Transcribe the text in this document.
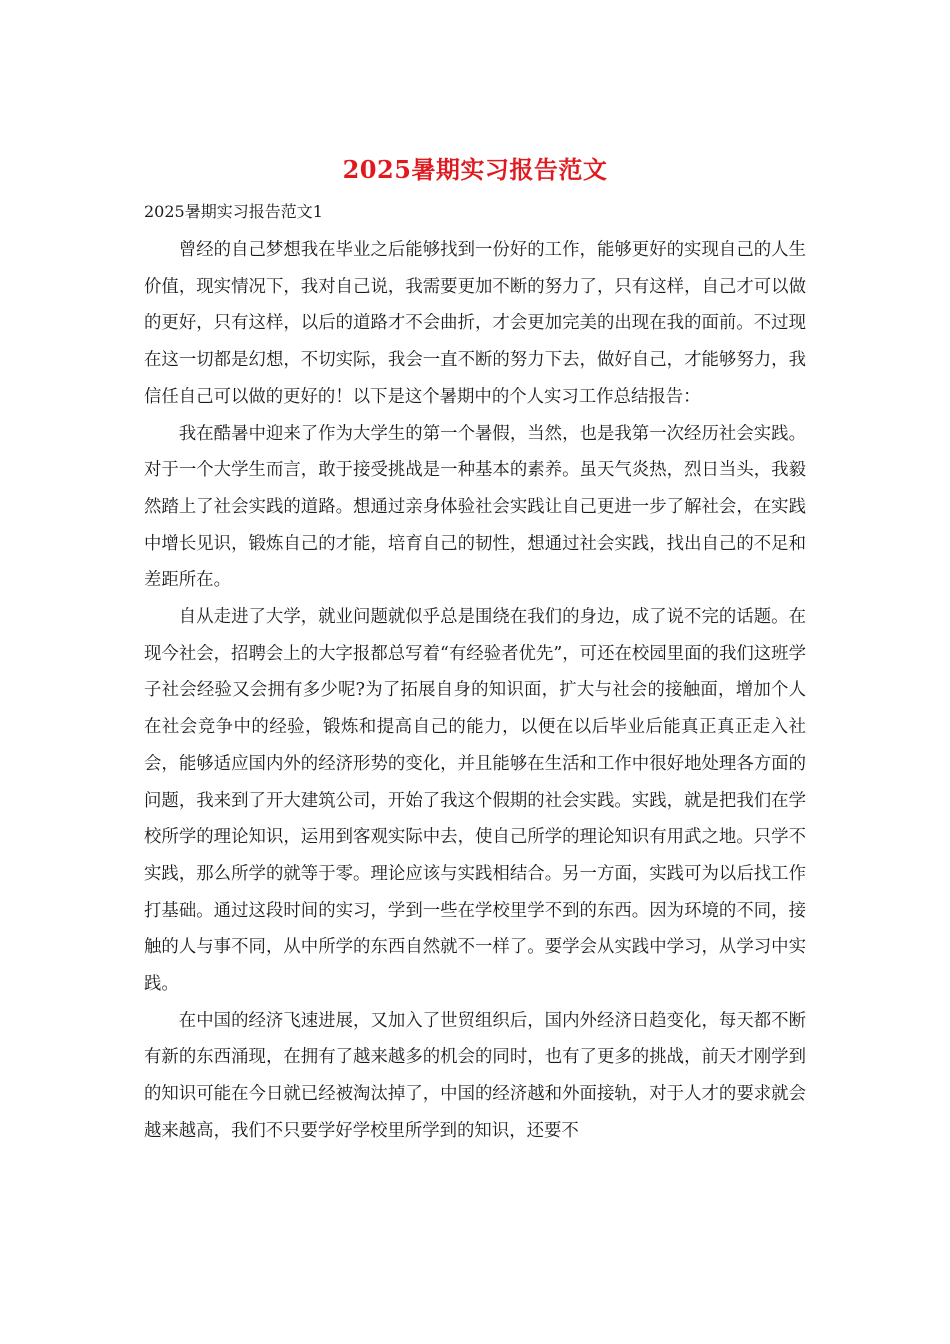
2025暑期实习报告范文
2025暑期实习报告范文1

曾经的自己梦想我在毕业之后能够找到一份好的工作，能够更好的实现自己的人生价值，现实情况下，我对自己说，我需要更加不断的努力了，只有这样，自己才可以做的更好，只有这样，以后的道路才不会曲折，才会更加完美的出现在我的面前。不过现在这一切都是幻想，不切实际，我会一直不断的努力下去，做好自己，才能够努力，我信任自己可以做的更好的！以下是这个暑期中的个人实习工作总结报告：

我在酷暑中迎来了作为大学生的第一个暑假，当然，也是我第一次经历社会实践。对于一个大学生而言，敢于接受挑战是一种基本的素养。虽天气炎热，烈日当头，我毅然踏上了社会实践的道路。想通过亲身体验社会实践让自己更进一步了解社会，在实践中增长见识，锻炼自己的才能，培育自己的韧性，想通过社会实践，找出自己的不足和差距所在。

自从走进了大学，就业问题就似乎总是围绕在我们的身边，成了说不完的话题。在现今社会，招聘会上的大字报都总写着“有经验者优先”，可还在校园里面的我们这班学子社会经验又会拥有多少呢?为了拓展自身的知识面，扩大与社会的接触面，增加个人在社会竞争中的经验，锻炼和提高自己的能力，以便在以后毕业后能真正真正走入社会，能够适应国内外的经济形势的变化，并且能够在生活和工作中很好地处理各方面的问题，我来到了开大建筑公司，开始了我这个假期的社会实践。实践，就是把我们在学校所学的理论知识，运用到客观实际中去，使自己所学的理论知识有用武之地。只学不实践，那么所学的就等于零。理论应该与实践相结合。另一方面，实践可为以后找工作打基础。通过这段时间的实习，学到一些在学校里学不到的东西。因为环境的不同，接触的人与事不同，从中所学的东西自然就不一样了。要学会从实践中学习，从学习中实践。

在中国的经济飞速进展，又加入了世贸组织后，国内外经济日趋变化，每天都不断有新的东西涌现，在拥有了越来越多的机会的同时，也有了更多的挑战，前天才刚学到的知识可能在今日就已经被淘汰掉了，中国的经济越和外面接轨，对于人才的要求就会越来越高，我们不只要学好学校里所学到的知识，还要不
